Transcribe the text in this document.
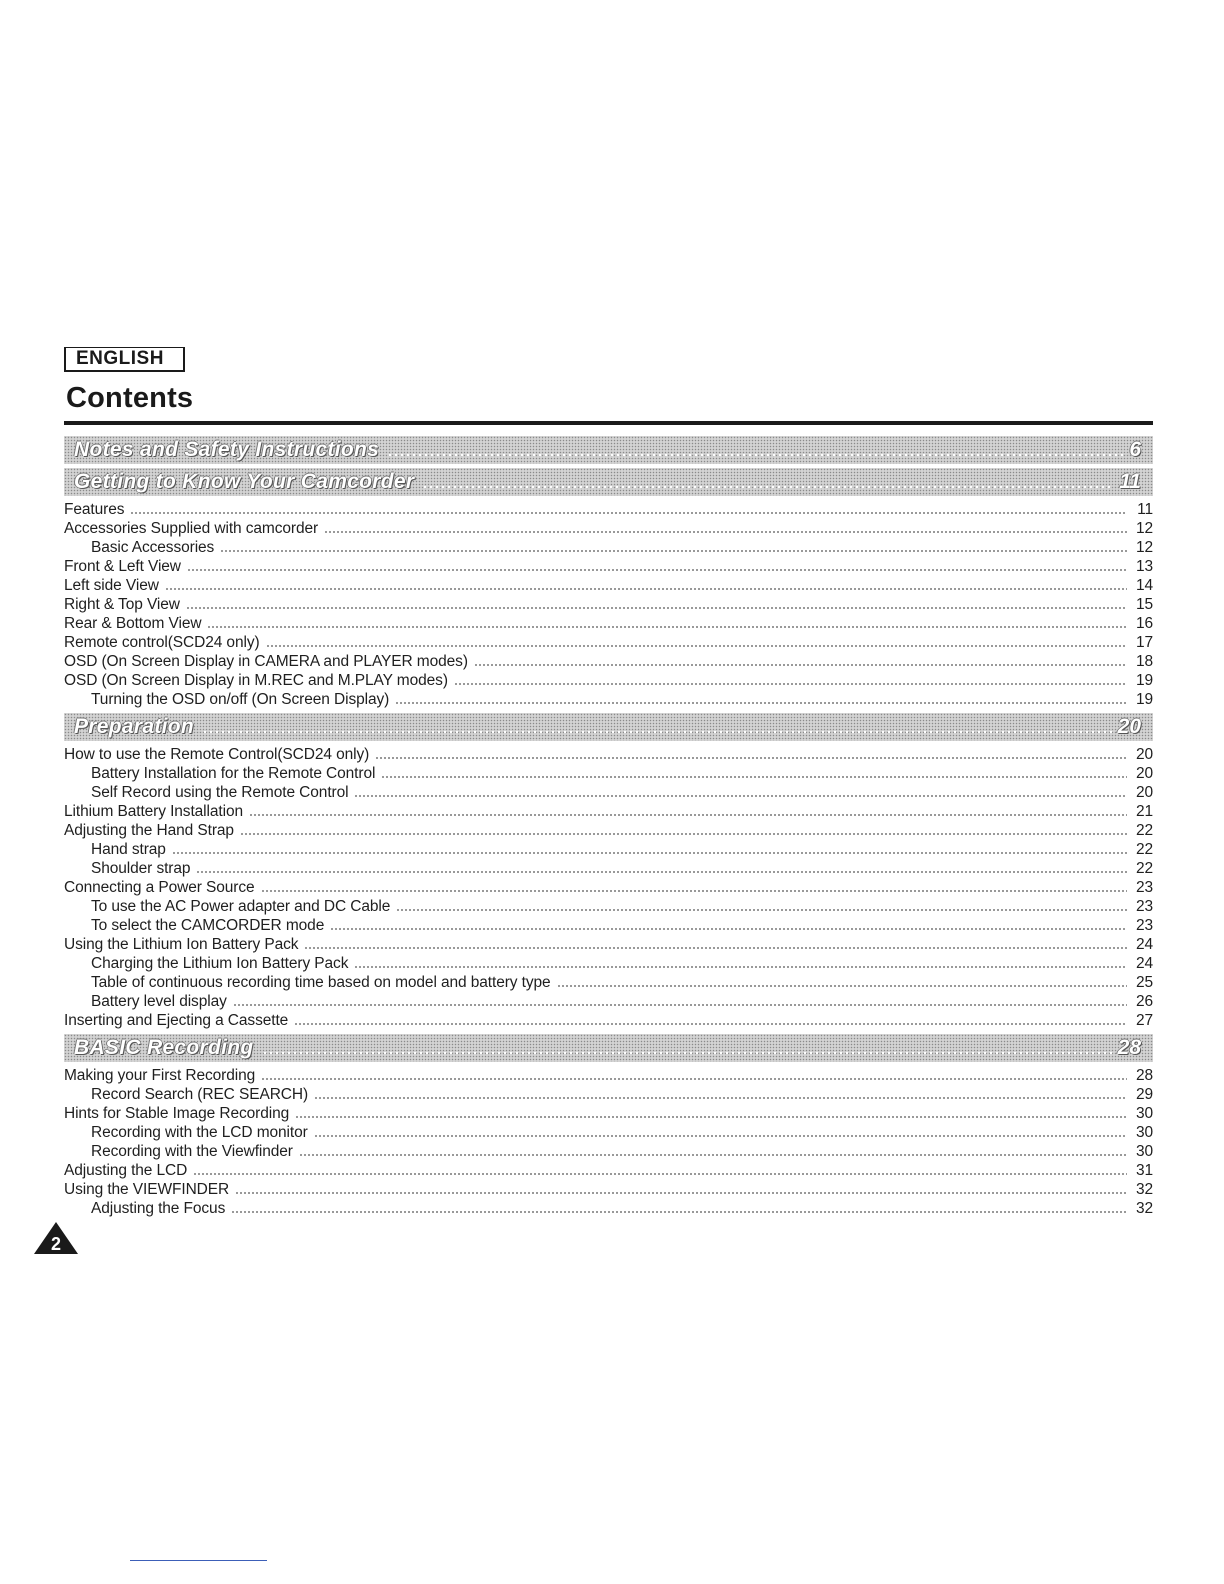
ENGLISH
Contents
Notes and Safety Instructions	6
Getting to Know Your Camcorder	11
Features	11
Accessories Supplied with camcorder	12
Basic Accessories	12
Front & Left View	13
Left side View	14
Right & Top View	15
Rear & Bottom View	16
Remote control(SCD24 only)	17
OSD (On Screen Display in CAMERA and PLAYER modes)	18
OSD (On Screen Display in M.REC and M.PLAY modes)	19
Turning the OSD on/off (On Screen Display)	19
Preparation	20
How to use the Remote Control(SCD24 only)	20
Battery Installation for the Remote Control	20
Self Record using the Remote Control	20
Lithium Battery Installation	21
Adjusting the Hand Strap	22
Hand strap	22
Shoulder strap	22
Connecting a Power Source	23
To use the AC Power adapter and DC Cable	23
To select the CAMCORDER mode	23
Using the Lithium Ion Battery Pack	24
Charging the Lithium Ion Battery Pack	24
Table of continuous recording time based on model and battery type	25
Battery level display	26
Inserting and Ejecting a Cassette	27
BASIC Recording	28
Making your First Recording	28
Record Search (REC SEARCH)	29
Hints for Stable Image Recording	30
Recording with the LCD monitor	30
Recording with the Viewfinder	30
Adjusting the LCD	31
Using the VIEWFINDER	32
Adjusting the Focus	32
2
